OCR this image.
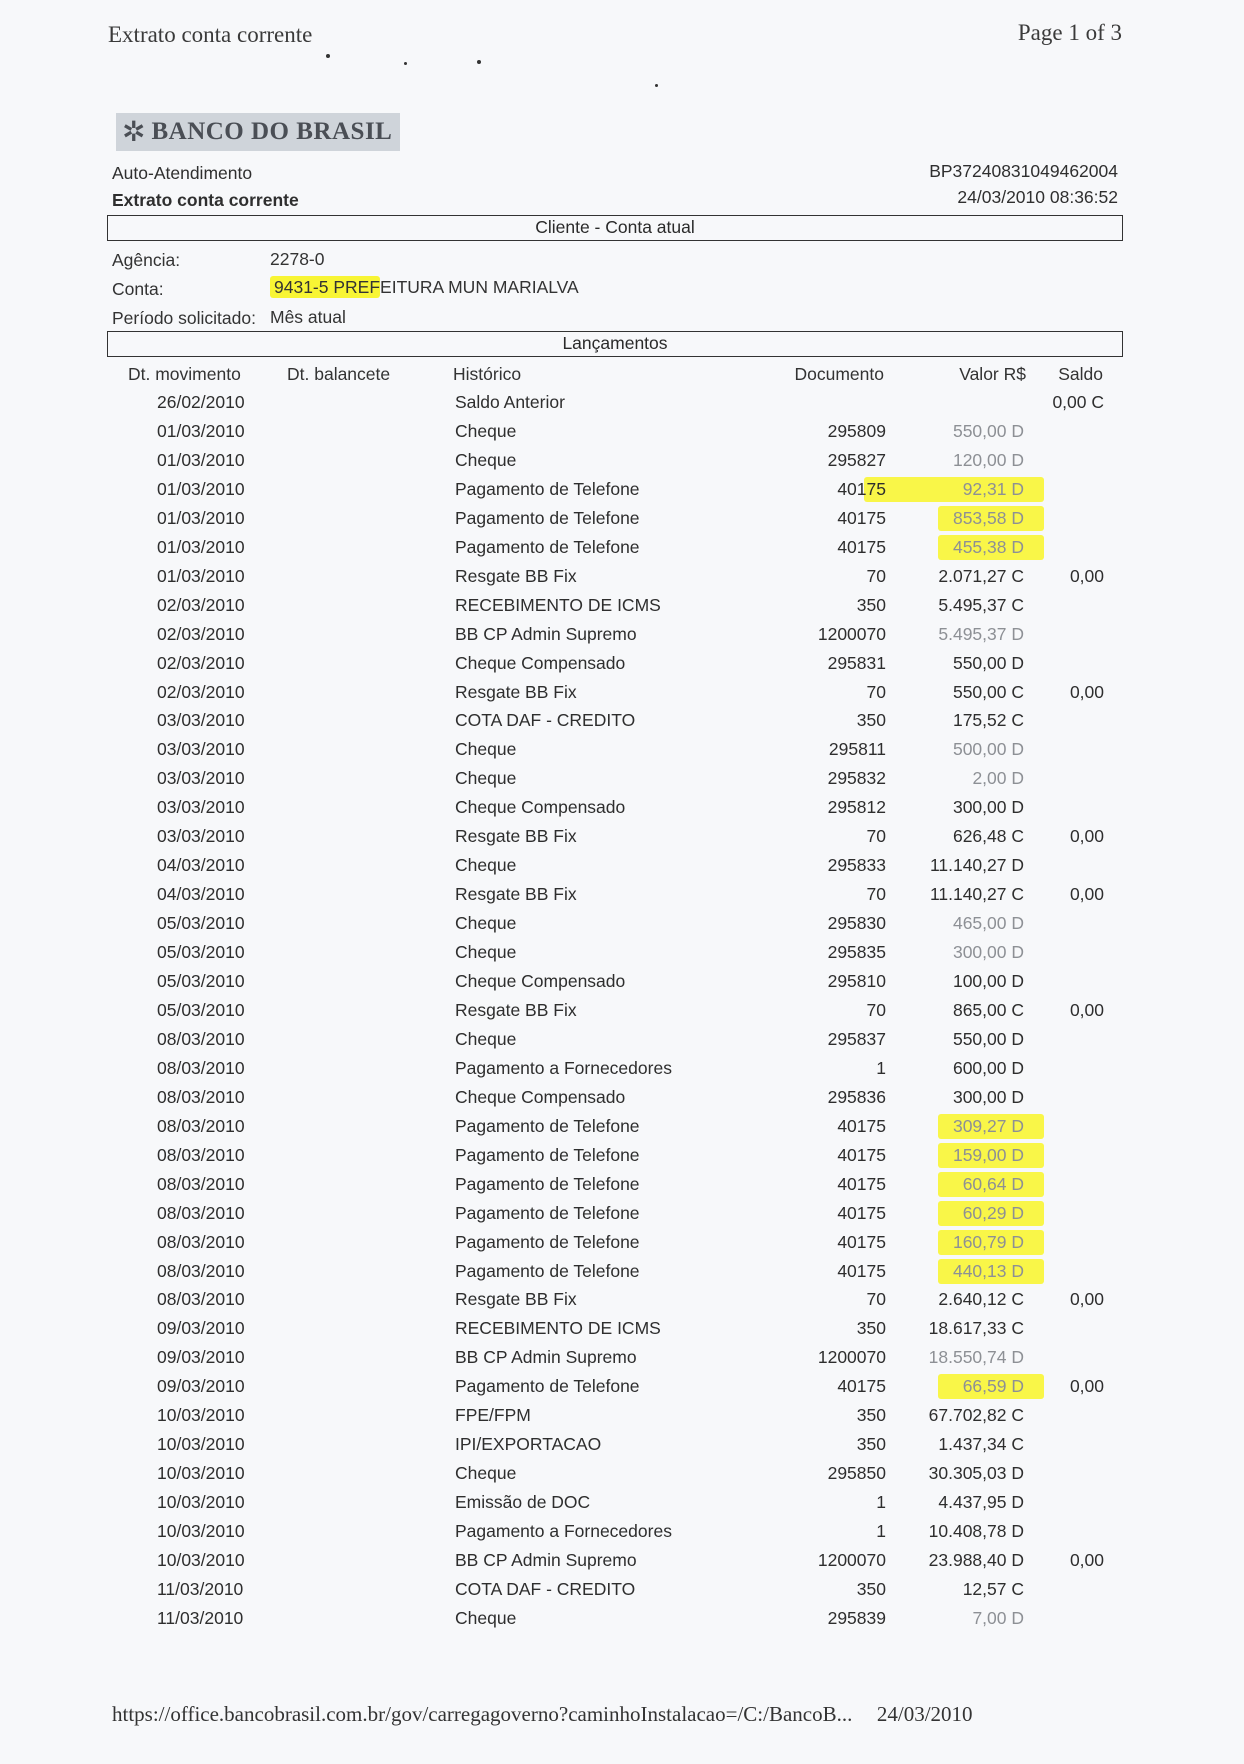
Extrato conta corrente	Page 1 of 3
✲ BANCO DO BRASIL
Auto-Atendimento
Extrato conta corrente
BP37240831049462004
24/03/2010 08:36:52
Cliente - Conta atual
Agência:	2278-0
Conta:	9431-5 PREFEITURA MUN MARIALVA
Período solicitado: Mês atual
Lançamentos
Dt. movimento	Dt. balancete	Histórico	Documento	Valor R$ Saldo
26/02/2010	Saldo Anterior	0,00 C
01/03/2010	Cheque	295809	550,00 D
01/03/2010	Cheque	295827	120,00 D
01/03/2010	Pagamento de Telefone	40175	92,31 D
01/03/2010	Pagamento de Telefone	40175	853,58 D
01/03/2010	Pagamento de Telefone	40175	455,38 D
01/03/2010	Resgate BB Fix	70	2.071,27 C	0,00
02/03/2010	RECEBIMENTO DE ICMS	350	5.495,37 C
02/03/2010	BB CP Admin Supremo	1200070	5.495,37 D
02/03/2010	Cheque Compensado	295831	550,00 D
02/03/2010	Resgate BB Fix	70	550,00 C	0,00
03/03/2010	COTA DAF - CREDITO	350	175,52 C
03/03/2010	Cheque	295811	500,00 D
03/03/2010	Cheque	295832	2,00 D
03/03/2010	Cheque Compensado	295812	300,00 D
03/03/2010	Resgate BB Fix	70	626,48 C	0,00
04/03/2010	Cheque	295833	11.140,27 D
04/03/2010	Resgate BB Fix	70	11.140,27 C	0,00
05/03/2010	Cheque	295830	465,00 D
05/03/2010	Cheque	295835	300,00 D
05/03/2010	Cheque Compensado	295810	100,00 D
05/03/2010	Resgate BB Fix	70	865,00 C	0,00
08/03/2010	Cheque	295837	550,00 D
08/03/2010	Pagamento a Fornecedores	1	600,00 D
08/03/2010	Cheque Compensado	295836	300,00 D
08/03/2010	Pagamento de Telefone	40175	309,27 D
08/03/2010	Pagamento de Telefone	40175	159,00 D
08/03/2010	Pagamento de Telefone	40175	60,64 D
08/03/2010	Pagamento de Telefone	40175	60,29 D
08/03/2010	Pagamento de Telefone	40175	160,79 D
08/03/2010	Pagamento de Telefone	40175	440,13 D
08/03/2010	Resgate BB Fix	70	2.640,12 C	0,00
09/03/2010	RECEBIMENTO DE ICMS	350 18.617,33 C
09/03/2010	BB CP Admin Supremo	1200070 18.550,74 D
09/03/2010	Pagamento de Telefone	40175	66,59 D	0,00
10/03/2010	FPE/FPM	350 67.702,82 C
10/03/2010	IPI/EXPORTACAO	350	1.437,34 C
10/03/2010	Cheque	295850 30.305,03 D
10/03/2010	Emissão de DOC	1	4.437,95 D
10/03/2010	Pagamento a Fornecedores	1 10.408,78 D
10/03/2010	BB CP Admin Supremo	1200070 23.988,40 D	0,00
11/03/2010	COTA DAF - CREDITO	350	12,57 C
11/03/2010	Cheque	295839	7,00 D
https://office.bancobrasil.com.br/gov/carregagoverno?caminhoInstalacao=/C:/BancoB... 24/03/2010
